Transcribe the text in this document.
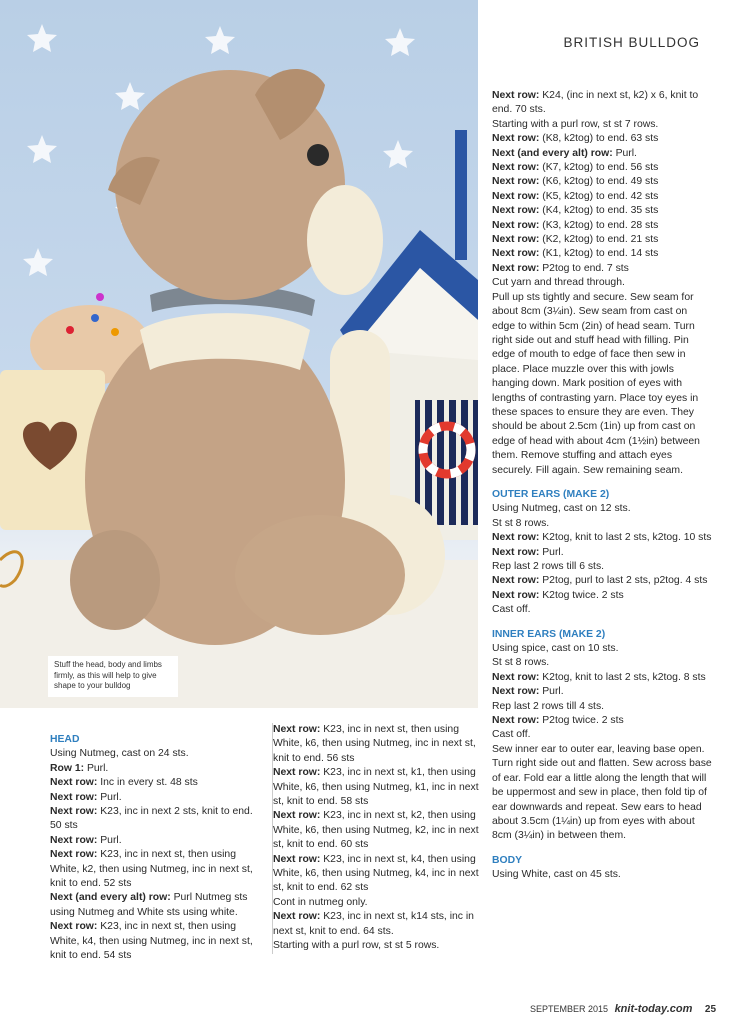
Stuff the head, body and limbs firmly, as this will help to give shape to your bulldog
BRITISH BULLDOG

Next row: K24, (inc in next st, k2) x 6, knit to end. 70 sts.

Starting with a purl row, st st 7 rows.

Next row: (K8, k2tog) to end. 63 sts

Next (and every alt) row: Purl.

Next row: (K7, k2tog) to end. 56 sts

Next row: (K6, k2tog) to end. 49 sts

Next row: (K5, k2tog) to end. 42 sts

Next row: (K4, k2tog) to end. 35 sts

Next row: (K3, k2tog) to end. 28 sts

Next row: (K2, k2tog) to end. 21 sts

Next row: (K1, k2tog) to end. 14 sts

Next row: P2tog to end. 7 sts

Cut yarn and thread through.

Pull up sts tightly and secure. Sew seam for about 8cm (3¼in). Sew seam from cast on edge to within 5cm (2in) of head seam. Turn right side out and stuff head with filling. Pin edge of mouth to edge of face then sew in place. Place muzzle over this with jowls hanging down. Mark position of eyes with lengths of contrasting yarn. Place toy eyes in these spaces to ensure they are even. They should be about 2.5cm (1in) up from cast on edge of head with about 4cm (1½in) between them. Remove stuffing and attach eyes securely. Fill again. Sew remaining seam.

OUTER EARS (MAKE 2)

Using Nutmeg, cast on 12 sts.

St st 8 rows.

Next row: K2tog, knit to last 2 sts, k2tog. 10 sts

Next row: Purl.

Rep last 2 rows till 6 sts.

Next row: P2tog, purl to last 2 sts, p2tog. 4 sts

Next row: K2tog twice. 2 sts

Cast off.

INNER EARS (MAKE 2)

Using spice, cast on 10 sts.

St st 8 rows.

Next row: K2tog, knit to last 2 sts, k2tog. 8 sts

Next row: Purl.

Rep last 2 rows till 4 sts.

Next row: P2tog twice. 2 sts

Cast off.

Sew inner ear to outer ear, leaving base open. Turn right side out and flatten. Sew across base of ear. Fold ear a little along the length that will be uppermost and sew in place, then fold tip of ear downwards and repeat. Sew ears to head about 3.5cm (1¼in) up from eyes with about 8cm (3¼in) in between them.

BODY

Using White, cast on 45 sts.

HEAD

Using Nutmeg, cast on 24 sts.

Row 1: Purl.

Next row: Inc in every st. 48 sts

Next row: Purl.

Next row: K23, inc in next 2 sts, knit to end. 50 sts

Next row: Purl.

Next row: K23, inc in next st, then using White, k2, then using Nutmeg, inc in next st, knit to end. 52 sts

Next (and every alt) row: Purl Nutmeg sts using Nutmeg and White sts using white.

Next row: K23, inc in next st, then using White, k4, then using Nutmeg, inc in next st, knit to end. 54 sts

Next row: K23, inc in next st, then using White, k6, then using Nutmeg, inc in next st, knit to end. 56 sts

Next row: K23, inc in next st, k1, then using White, k6, then using Nutmeg, k1, inc in next st, knit to end. 58 sts

Next row: K23, inc in next st, k2, then using White, k6, then using Nutmeg, k2, inc in next st, knit to end. 60 sts

Next row: K23, inc in next st, k4, then using White, k6, then using Nutmeg, k4, inc in next st, knit to end. 62 sts

Cont in nutmeg only.

Next row: K23, inc in next st, k14 sts, inc in next st, knit to end. 64 sts.

Starting with a purl row, st st 5 rows.

SEPTEMBER 2015 knit-today.com 25
